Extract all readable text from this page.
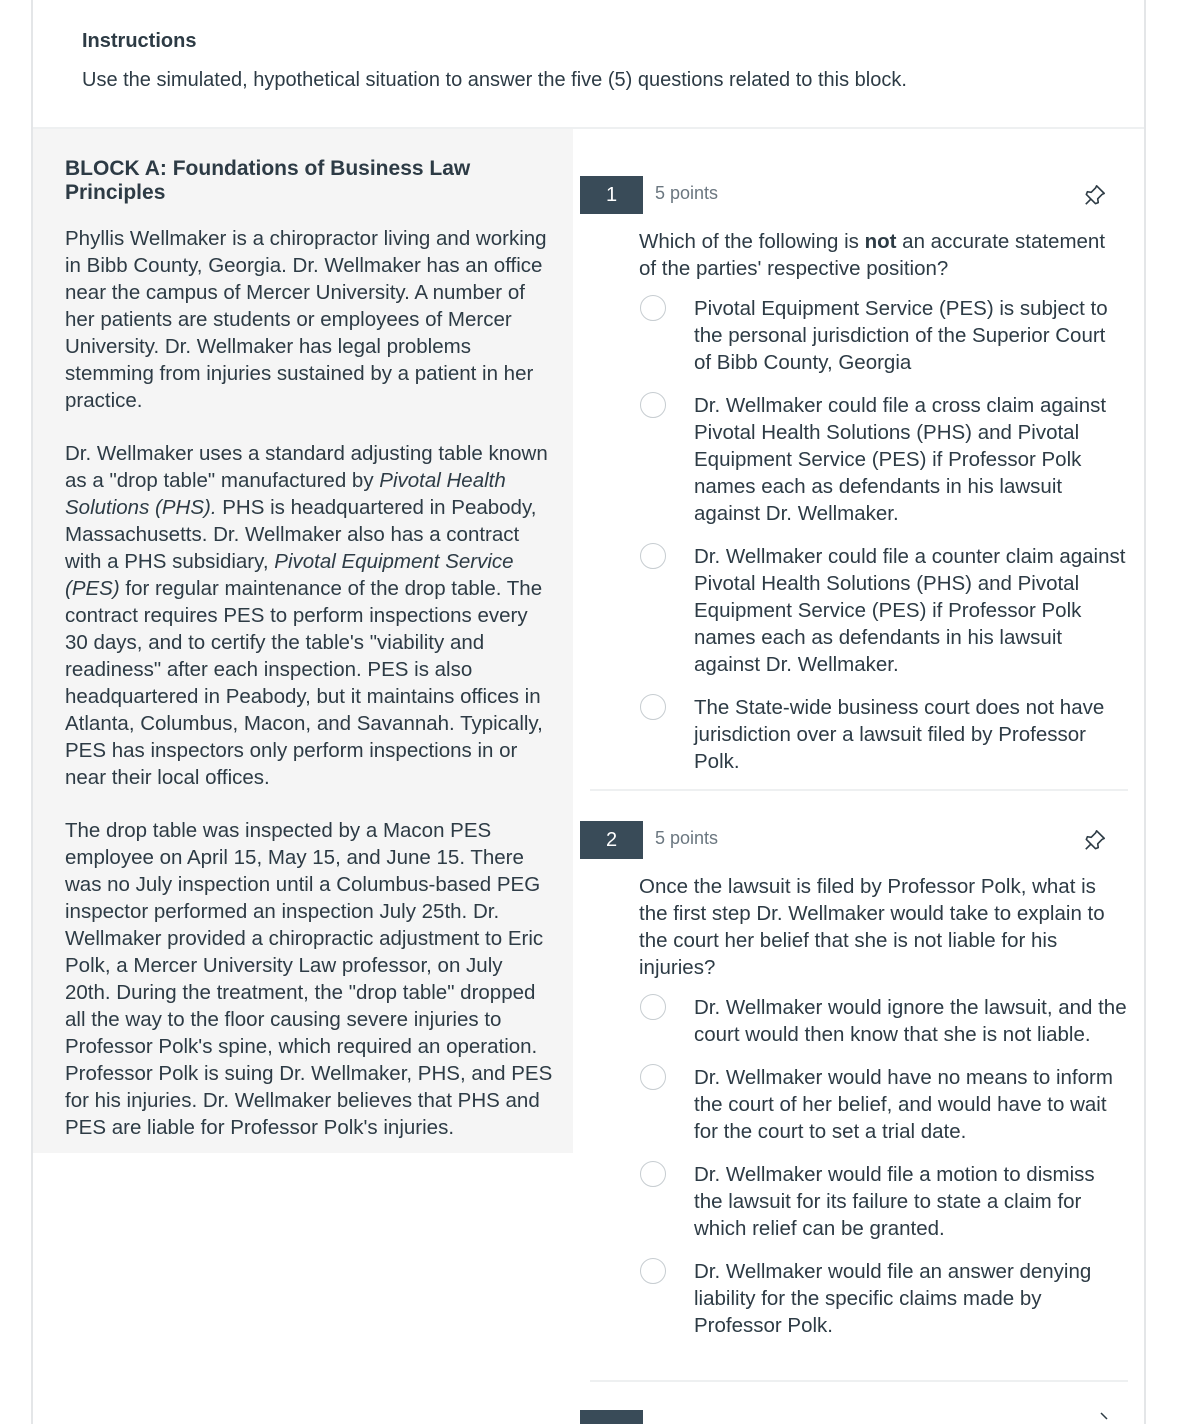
Instructions

Use the simulated, hypothetical situation to answer the five (5) questions related to this block.

BLOCK A: Foundations of Business Law Principles

Phyllis Wellmaker is a chiropractor living and working in Bibb County, Georgia. Dr. Wellmaker has an office near the campus of Mercer University. A number of her patients are students or employees of Mercer University. Dr. Wellmaker has legal problems stemming from injuries sustained by a patient in her practice.

Dr. Wellmaker uses a standard adjusting table known as a "drop table" manufactured by Pivotal Health Solutions (PHS). PHS is headquartered in Peabody, Massachusetts. Dr. Wellmaker also has a contract with a PHS subsidiary, Pivotal Equipment Service (PES) for regular maintenance of the drop table. The contract requires PES to perform inspections every 30 days, and to certify the table's "viability and readiness" after each inspection. PES is also headquartered in Peabody, but it maintains offices in Atlanta, Columbus, Macon, and Savannah. Typically, PES has inspectors only perform inspections in or near their local offices.

The drop table was inspected by a Macon PES employee on April 15, May 15, and June 15. There was no July inspection until a Columbus-based PEG inspector performed an inspection July 25th. Dr. Wellmaker provided a chiropractic adjustment to Eric Polk, a Mercer University Law professor, on July 20th. During the treatment, the "drop table" dropped all the way to the floor causing severe injuries to Professor Polk's spine, which required an operation. Professor Polk is suing Dr. Wellmaker, PHS, and PES for his injuries. Dr. Wellmaker believes that PHS and PES are liable for Professor Polk's injuries.

1	5 points
Which of the following is not an accurate statement of the parties' respective position?
Pivotal Equipment Service (PES) is subject to the personal jurisdiction of the Superior Court of Bibb County, Georgia
Dr. Wellmaker could file a cross claim against Pivotal Health Solutions (PHS) and Pivotal Equipment Service (PES) if Professor Polk names each as defendants in his lawsuit against Dr. Wellmaker.
Dr. Wellmaker could file a counter claim against Pivotal Health Solutions (PHS) and Pivotal Equipment Service (PES) if Professor Polk names each as defendants in his lawsuit against Dr. Wellmaker.
The State-wide business court does not have jurisdiction over a lawsuit filed by Professor Polk.
2	5 points
Once the lawsuit is filed by Professor Polk, what is the first step Dr. Wellmaker would take to explain to the court her belief that she is not liable for his injuries?
Dr. Wellmaker would ignore the lawsuit, and the court would then know that she is not liable.
Dr. Wellmaker would have no means to inform the court of her belief, and would have to wait for the court to set a trial date.
Dr. Wellmaker would file a motion to dismiss the lawsuit for its failure to state a claim for which relief can be granted.
Dr. Wellmaker would file an answer denying liability for the specific claims made by Professor Polk.
